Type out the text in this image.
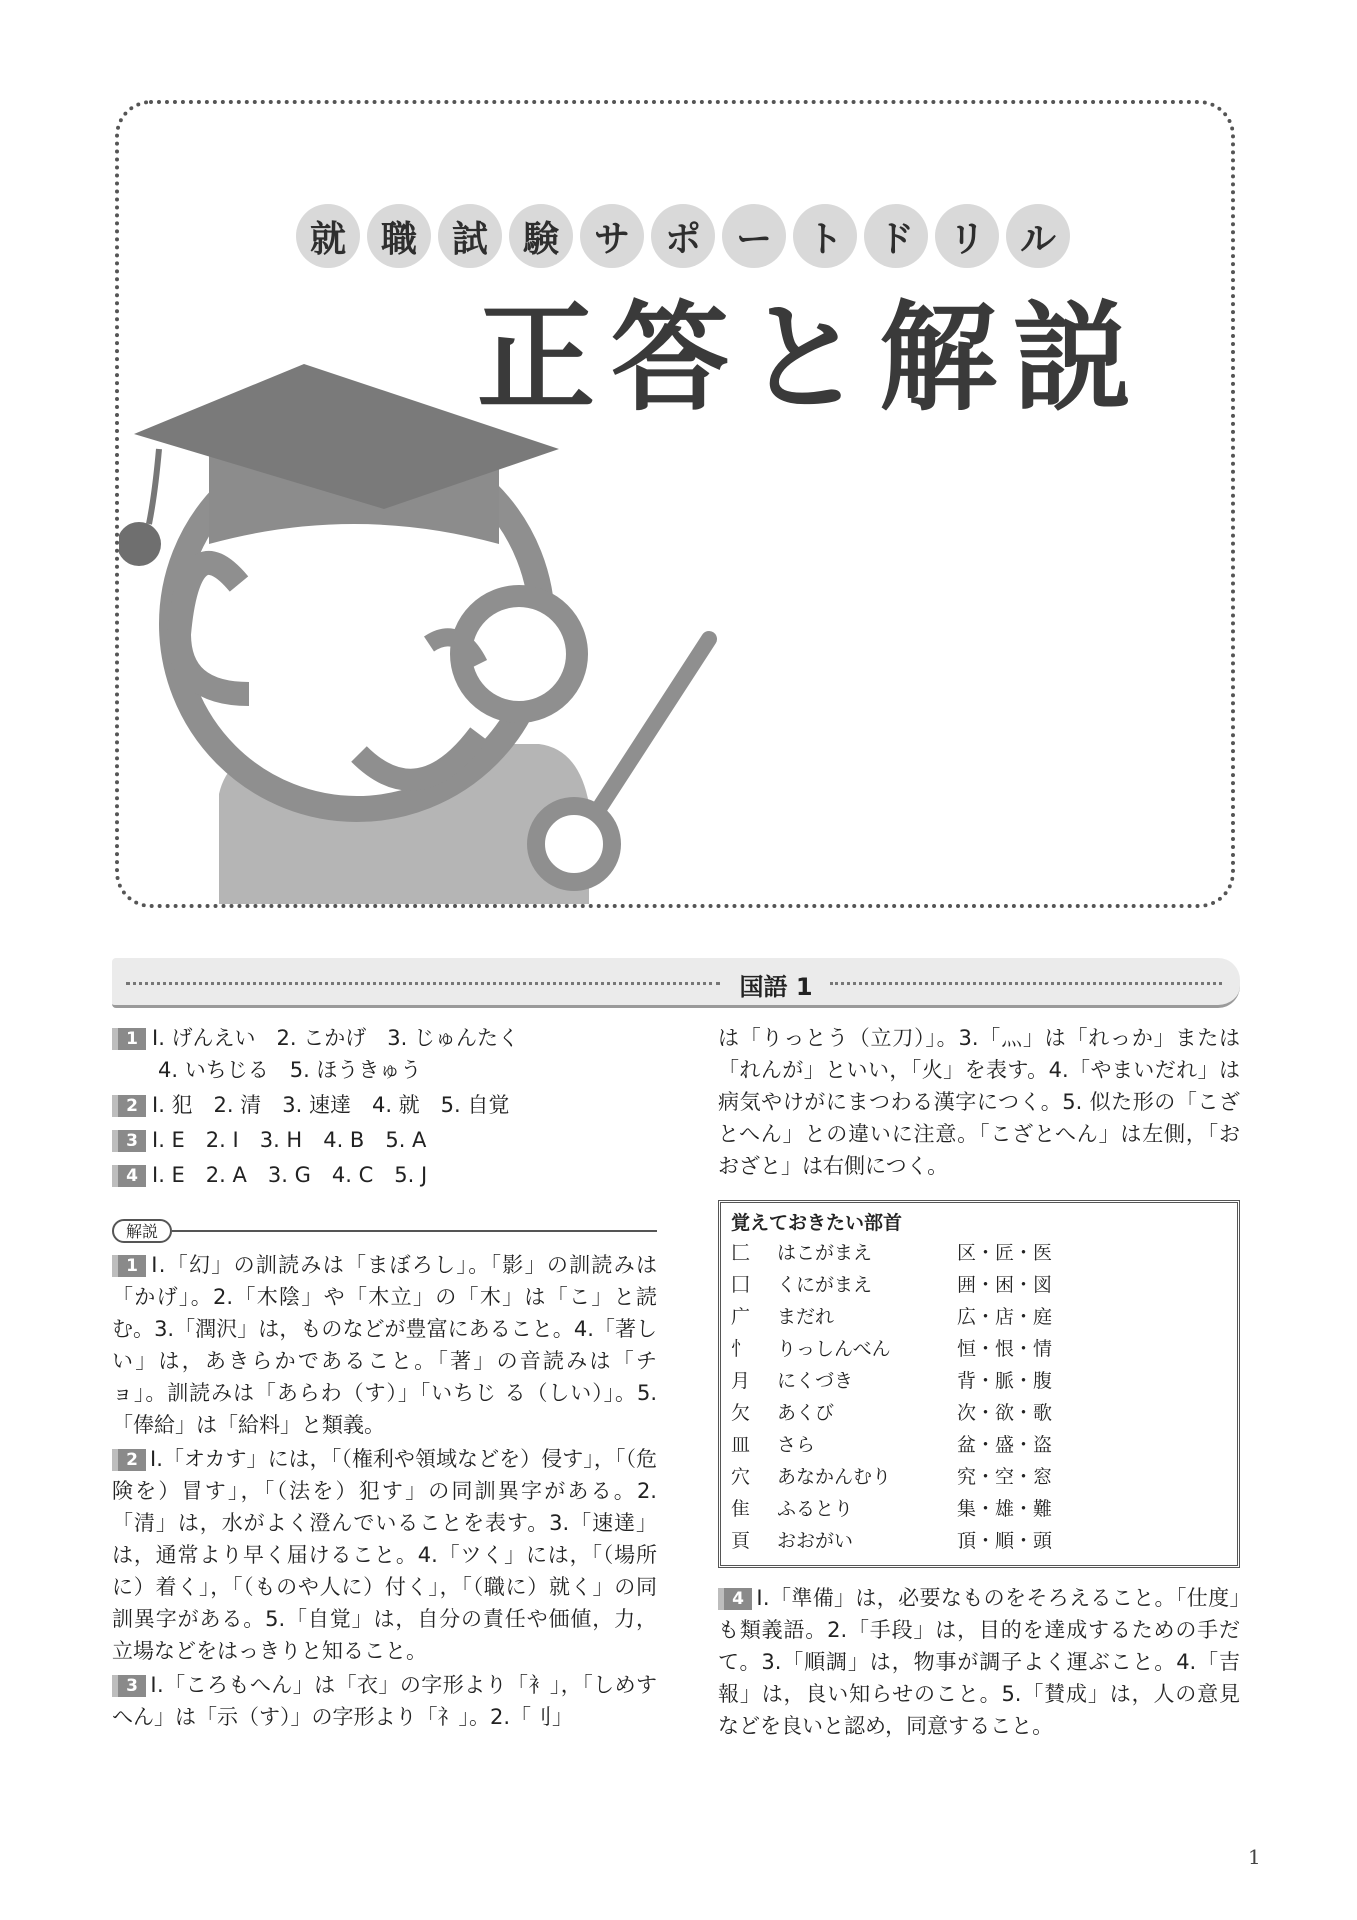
就 職 試 験 サ ポ ー ト ド リ ル
正答と解説
国語 1
1 Ⅰ. げんえい　2. こかげ　3. じゅんたく
4. いちじる　5. ほうきゅう
2 Ⅰ. 犯　2. 清　3. 速達　4. 就　5. 自覚
3 Ⅰ. E　2. I　3. H　4. B　5. A
4 Ⅰ. E　2. A　3. G　4. C　5. J
解説

1 Ⅰ.「幻」の訓読みは「まぼろし」。「影」の訓読みは「かげ」。2.「木陰」や「木立」の「木」は「こ」と読む。3.「潤沢」は，ものなどが豊富にあること。4.「著しい」は，あきらかであること。「著」の音読みは「チョ」。訓読みは「あらわ（す）」「いちじ る（しい）」。5.「俸給」は「給料」と類義。

2 Ⅰ.「オカす」には，「（権利や領域などを）侵す」，「（危険を）冒す」，「（法を）犯す」の同訓異字がある。2.「清」は，水がよく澄んでいることを表す。3.「速達」は，通常より早く届けること。4.「ツく」には，「（場所に）着く」，「（ものや人に）付く」，「（職に）就く」の同訓異字がある。5.「自覚」は，自分の責任や価値，力，立場などをはっきりと知ること。

3 Ⅰ.「ころもへん」は「衣」の字形より「衤」，「しめすへん」は「示（す）」の字形より「礻」。2.「刂」

は「りっとう（立刀）」。3.「灬」は「れっか」または「れんが」といい，「火」を表す。4.「やまいだれ」は病気やけがにまつわる漢字につく。5. 似た形の「こざとへん」との違いに注意。「こざとへん」は左側，「おおざと」は右側につく。

覚えておきたい部首
匚	はこがまえ	区・匠・医
囗	くにがまえ	囲・困・図
广	まだれ	広・店・庭
忄	りっしんべん	恒・恨・情
月	にくづき	背・脈・腹
欠	あくび	次・欲・歌
皿	さら	盆・盛・盗
穴	あなかんむり	究・空・窓
隹	ふるとり	集・雄・難
頁	おおがい	頂・順・頭

4 Ⅰ.「準備」は，必要なものをそろえること。「仕度」も類義語。2.「手段」は，目的を達成するための手だて。3.「順調」は，物事が調子よく運ぶこと。4.「吉報」は，良い知らせのこと。5.「賛成」は，人の意見などを良いと認め，同意すること。

1
